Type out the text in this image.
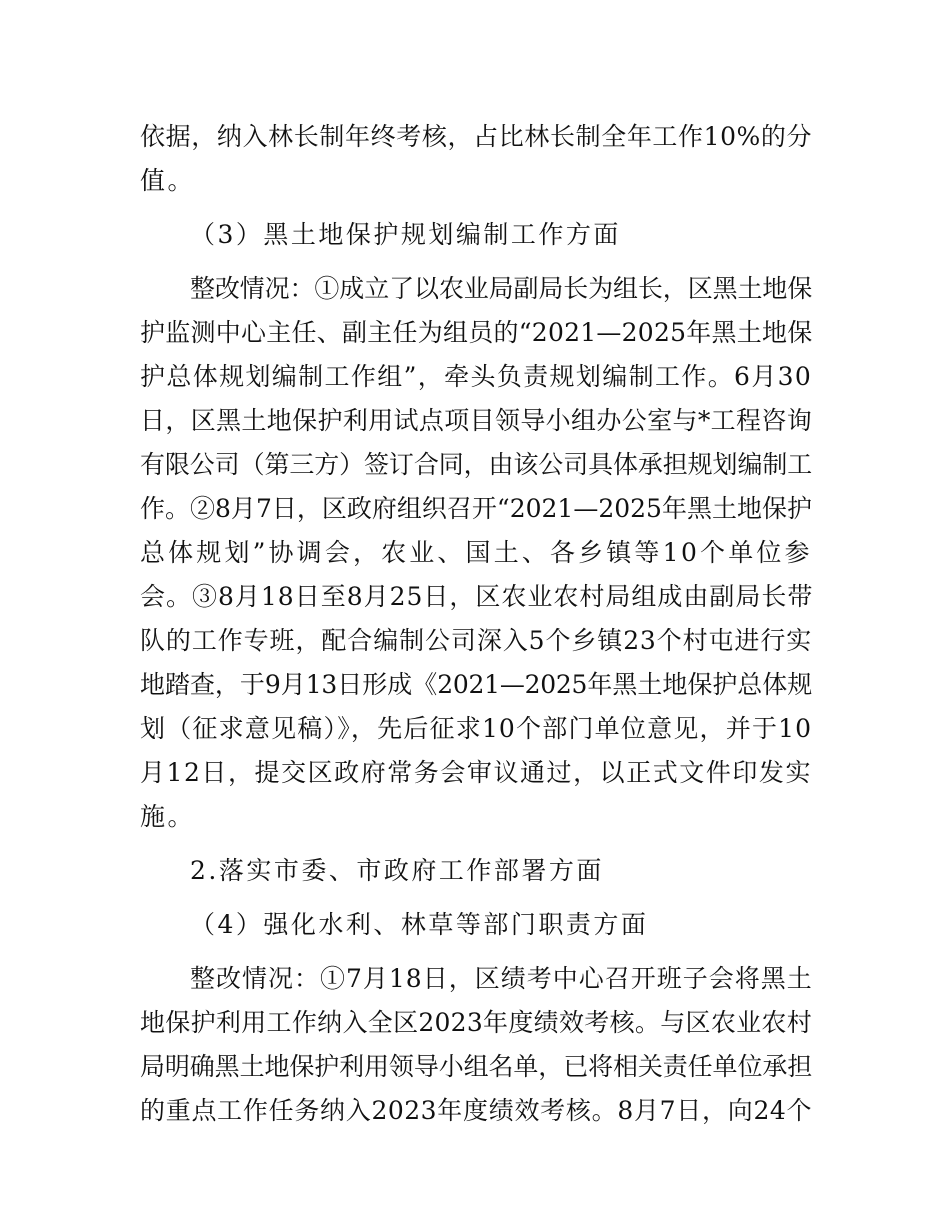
依据，纳入林长制年终考核，占比林长制全年工作10%的分
值。
（3）黑土地保护规划编制工作方面
整改情况：①成立了以农业局副局长为组长，区黑土地保
护监测中心主任、副主任为组员的“2021—2025年黑土地保
护总体规划编制工作组”，牵头负责规划编制工作。6月30
日，区黑土地保护利用试点项目领导小组办公室与*工程咨询
有限公司（第三方）签订合同，由该公司具体承担规划编制工
作。②8月7日，区政府组织召开“2021—2025年黑土地保护
总体规划”协调会，农业、国土、各乡镇等10个单位参
会。③8月18日至8月25日，区农业农村局组成由副局长带
队的工作专班，配合编制公司深入5个乡镇23个村屯进行实
地踏查，于9月13日形成《2021—2025年黑土地保护总体规
划（征求意见稿）》，先后征求10个部门单位意见，并于10
月12日，提交区政府常务会审议通过，以正式文件印发实
施。
2.落实市委、市政府工作部署方面
（4）强化水利、林草等部门职责方面
整改情况：①7月18日，区绩考中心召开班子会将黑土
地保护利用工作纳入全区2023年度绩效考核。与区农业农村
局明确黑土地保护利用领导小组名单，已将相关责任单位承担
的重点工作任务纳入2023年度绩效考核。8月7日，向24个
